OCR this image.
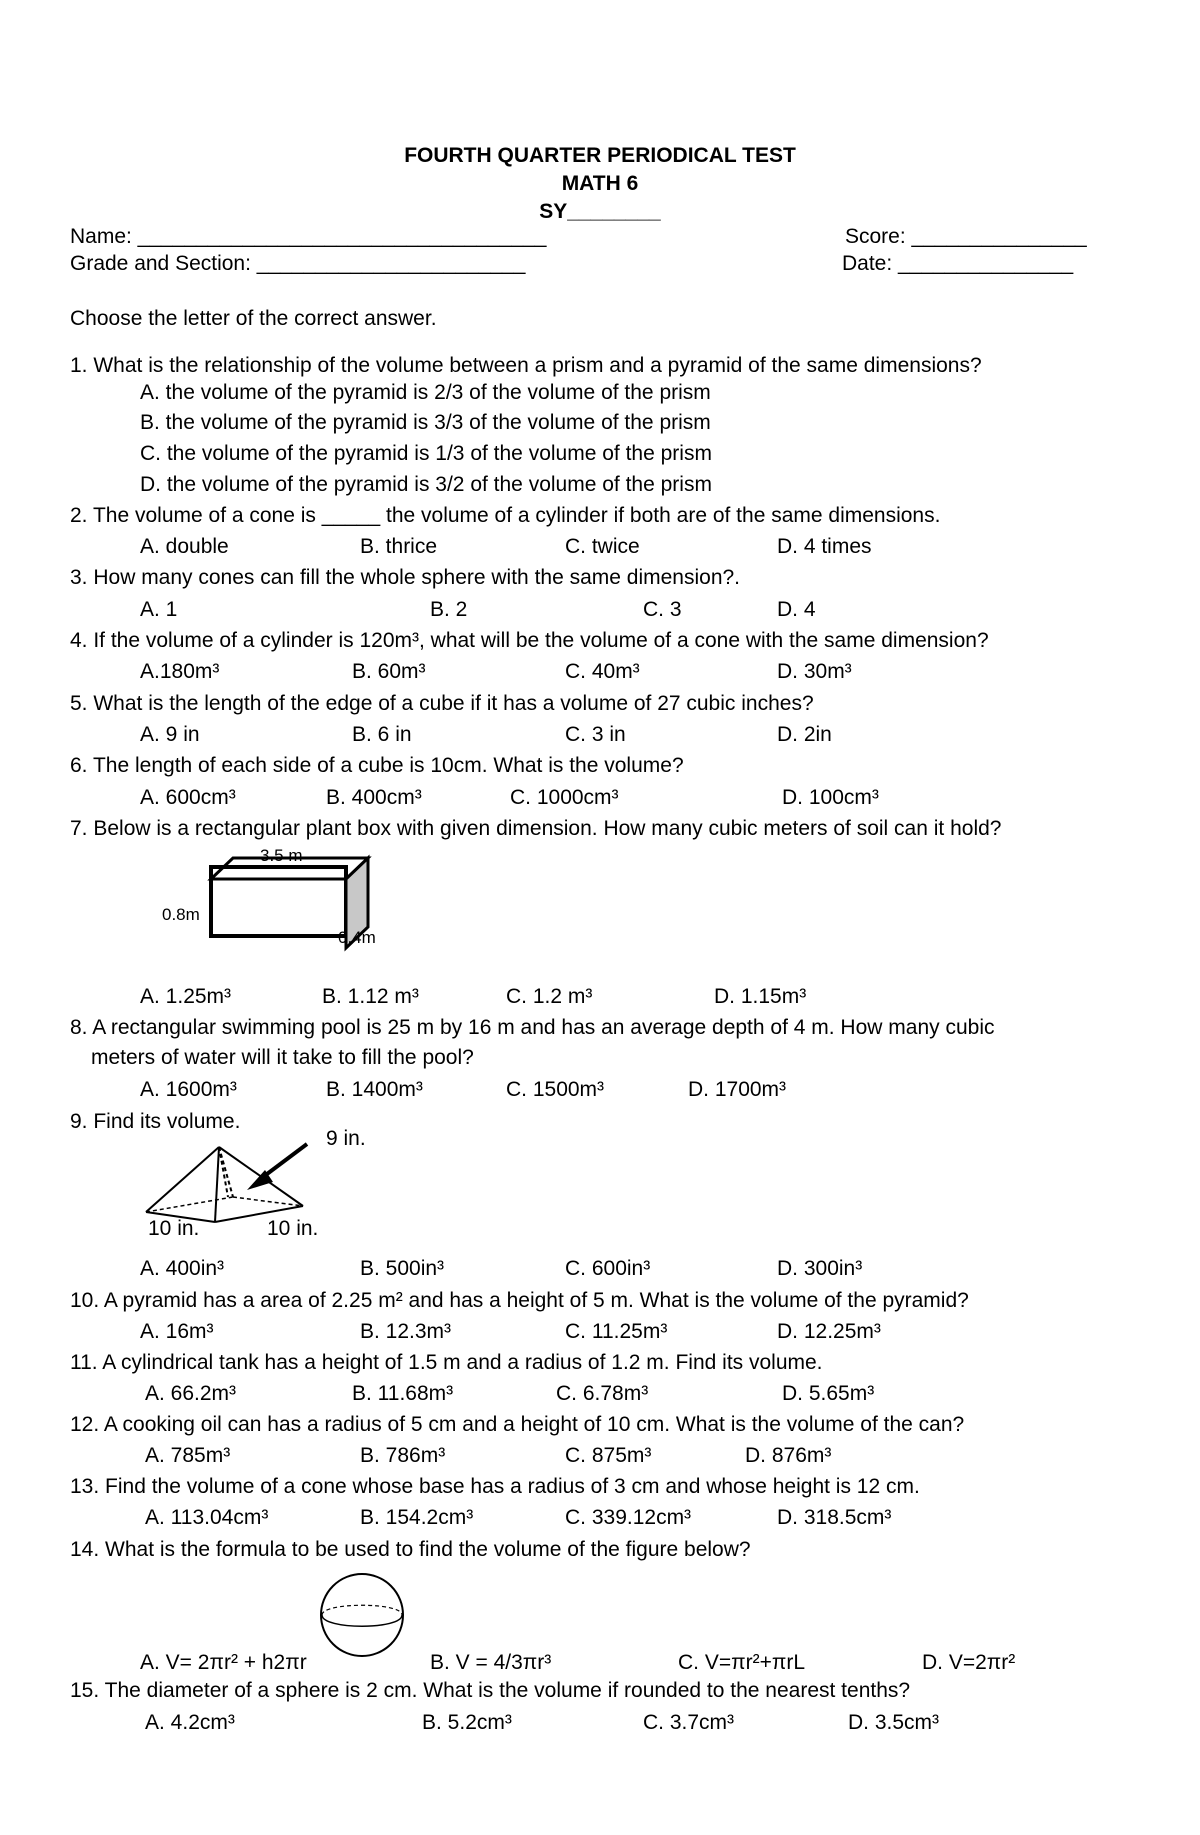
FOURTH QUARTER PERIODICAL TEST
MATH 6
SY________
Name: ___________________________________	Score: _______________
Grade and Section: _______________________	Date: _______________
Choose the letter of the correct answer.
1. What is the relationship of the volume between a prism and a pyramid of the same dimensions?
A. the volume of the pyramid is 2/3 of the volume of the prism
B. the volume of the pyramid is 3/3 of the volume of the prism
C. the volume of the pyramid is 1/3 of the volume of the prism
D. the volume of the pyramid is 3/2 of the volume of the prism
2. The volume of a cone is _____ the volume of a cylinder if both are of the same dimensions.
A. double	B. thrice	C. twice	D. 4 times
3. How many cones can fill the whole sphere with the same dimension?.
A. 1	B. 2	C. 3	D. 4
4. If the volume of a cylinder is 120m³, what will be the volume of a cone with the same dimension?
A.180m³	B. 60m³	C. 40m³	D. 30m³
5. What is the length of the edge of a cube if it has a volume of 27 cubic inches?
A. 9 in	B. 6 in	C. 3 in	D. 2in
6. The length of each side of a cube is 10cm. What is the volume?
A. 600cm³	B. 400cm³	C. 1000cm³	D. 100cm³
7. Below is a rectangular plant box with given dimension. How many cubic meters of soil can it hold?
3.5 m
0.8m
0.4m
A. 1.25m³	B. 1.12 m³	C. 1.2 m³	D. 1.15m³
8. A rectangular swimming pool is 25 m by 16 m and has an average depth of 4 m. How many cubic
meters of water will it take to fill the pool?
A. 1600m³	B. 1400m³	C. 1500m³	D. 1700m³
9. Find its volume.
9 in.
10 in.	10 in.
A. 400in³	B. 500in³	C. 600in³	D. 300in³
10. A pyramid has a area of 2.25 m² and has a height of 5 m. What is the volume of the pyramid?
A. 16m³	B. 12.3m³	C. 11.25m³	D. 12.25m³
11. A cylindrical tank has a height of 1.5 m and a radius of 1.2 m. Find its volume.
A. 66.2m³	B. 11.68m³	C. 6.78m³	D. 5.65m³
12. A cooking oil can has a radius of 5 cm and a height of 10 cm. What is the volume of the can?
A. 785m³	B. 786m³	C. 875m³	D. 876m³
13. Find the volume of a cone whose base has a radius of 3 cm and whose height is 12 cm.
A. 113.04cm³	B. 154.2cm³	C. 339.12cm³	D. 318.5cm³
14. What is the formula to be used to find the volume of the figure below?
A. V= 2πr² + h2πr	B. V = 4/3πr³	C. V=πr²+πrL	D. V=2πr²
15. The diameter of a sphere is 2 cm. What is the volume if rounded to the nearest tenths?
A. 4.2cm³	B. 5.2cm³	C. 3.7cm³	D. 3.5cm³
